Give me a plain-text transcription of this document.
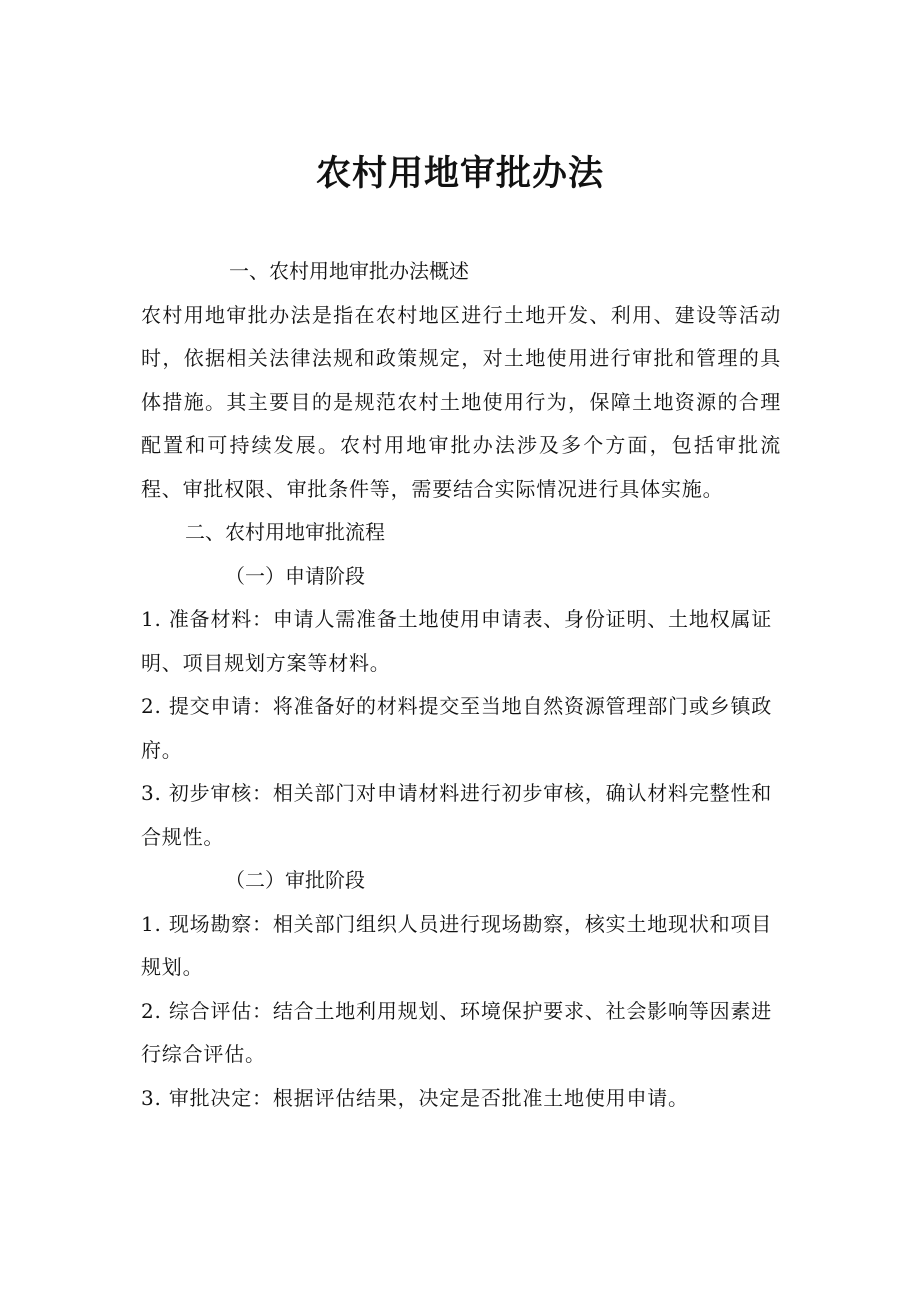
农村用地审批办法

一、农村用地审批办法概述

农村用地审批办法是指在农村地区进行土地开发、利用、建设等活动时，依据相关法律法规和政策规定，对土地使用进行审批和管理的具体措施。其主要目的是规范农村土地使用行为，保障土地资源的合理配置和可持续发展。农村用地审批办法涉及多个方面，包括审批流程、审批权限、审批条件等，需要结合实际情况进行具体实施。

二、农村用地审批流程

（一）申请阶段

1. 准备材料：申请人需准备土地使用申请表、身份证明、土地权属证明、项目规划方案等材料。

2. 提交申请：将准备好的材料提交至当地自然资源管理部门或乡镇政府。

3. 初步审核：相关部门对申请材料进行初步审核，确认材料完整性和合规性。

（二）审批阶段

1. 现场勘察：相关部门组织人员进行现场勘察，核实土地现状和项目规划。

2. 综合评估：结合土地利用规划、环境保护要求、社会影响等因素进行综合评估。

3. 审批决定：根据评估结果，决定是否批准土地使用申请。
